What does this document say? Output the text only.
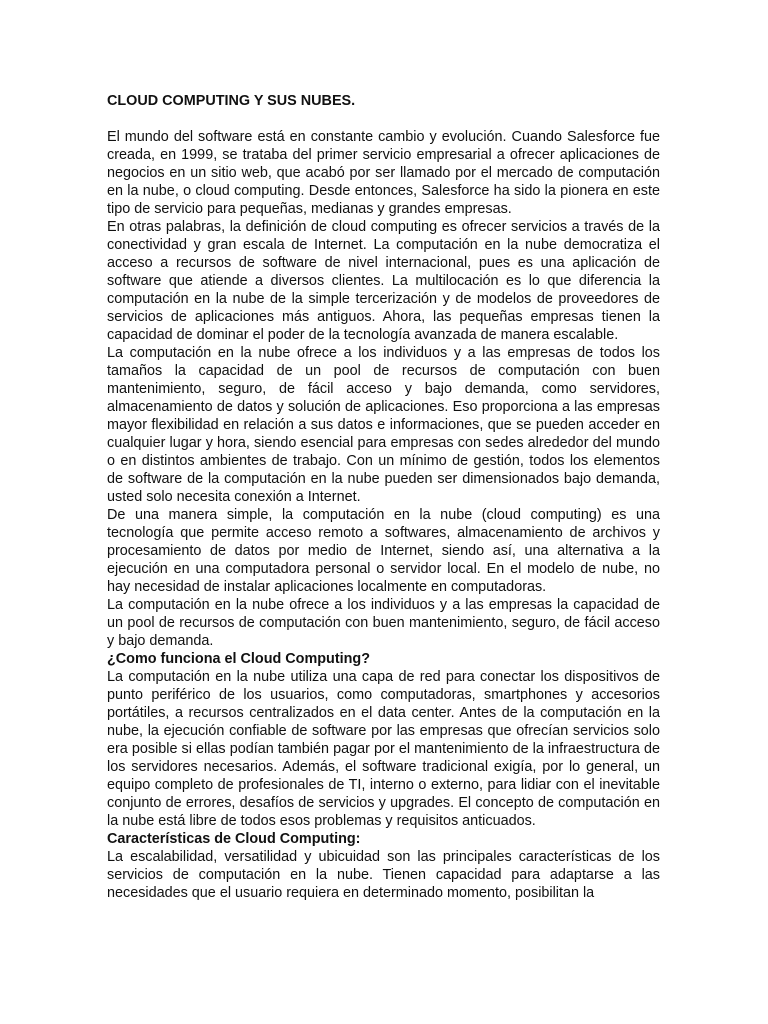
CLOUD COMPUTING Y SUS NUBES.

El mundo del software está en constante cambio y evolución. Cuando Salesforce fue creada, en 1999, se trataba del primer servicio empresarial a ofrecer aplicaciones de negocios en un sitio web, que acabó por ser llamado por el mercado de computación en la nube, o cloud computing. Desde entonces, Salesforce ha sido la pionera en este tipo de servicio para pequeñas, medianas y grandes empresas.

En otras palabras, la definición de cloud computing es ofrecer servicios a través de la conectividad y gran escala de Internet. La computación en la nube democratiza el acceso a recursos de software de nivel internacional, pues es una aplicación de software que atiende a diversos clientes. La multilocación es lo que diferencia la computación en la nube de la simple tercerización y de modelos de proveedores de servicios de aplicaciones más antiguos. Ahora, las pequeñas empresas tienen la capacidad de dominar el poder de la tecnología avanzada de manera escalable.

La computación en la nube ofrece a los individuos y a las empresas de todos los tamaños la capacidad de un pool de recursos de computación con buen mantenimiento, seguro, de fácil acceso y bajo demanda, como servidores, almacenamiento de datos y solución de aplicaciones. Eso proporciona a las empresas mayor flexibilidad en relación a sus datos e informaciones, que se pueden acceder en cualquier lugar y hora, siendo esencial para empresas con sedes alrededor del mundo o en distintos ambientes de trabajo. Con un mínimo de gestión, todos los elementos de software de la computación en la nube pueden ser dimensionados bajo demanda, usted solo necesita conexión a Internet.

De una manera simple, la computación en la nube (cloud computing) es una tecnología que permite acceso remoto a softwares, almacenamiento de archivos y procesamiento de datos por medio de Internet, siendo así, una alternativa a la ejecución en una computadora personal o servidor local. En el modelo de nube, no hay necesidad de instalar aplicaciones localmente en computadoras.

La computación en la nube ofrece a los individuos y a las empresas la capacidad de un pool de recursos de computación con buen mantenimiento, seguro, de fácil acceso y bajo demanda.

¿Como funciona el Cloud Computing?

La computación en la nube utiliza una capa de red para conectar los dispositivos de punto periférico de los usuarios, como computadoras, smartphones y accesorios portátiles, a recursos centralizados en el data center. Antes de la computación en la nube, la ejecución confiable de software por las empresas que ofrecían servicios solo era posible si ellas podían también pagar por el mantenimiento de la infraestructura de los servidores necesarios. Además, el software tradicional exigía, por lo general, un equipo completo de profesionales de TI, interno o externo, para lidiar con el inevitable conjunto de errores, desafíos de servicios y upgrades. El concepto de computación en la nube está libre de todos esos problemas y requisitos anticuados.

Características de Cloud Computing:

La escalabilidad, versatilidad y ubicuidad son las principales características de los servicios de computación en la nube. Tienen capacidad para adaptarse a las necesidades que el usuario requiera en determinado momento, posibilitan la
